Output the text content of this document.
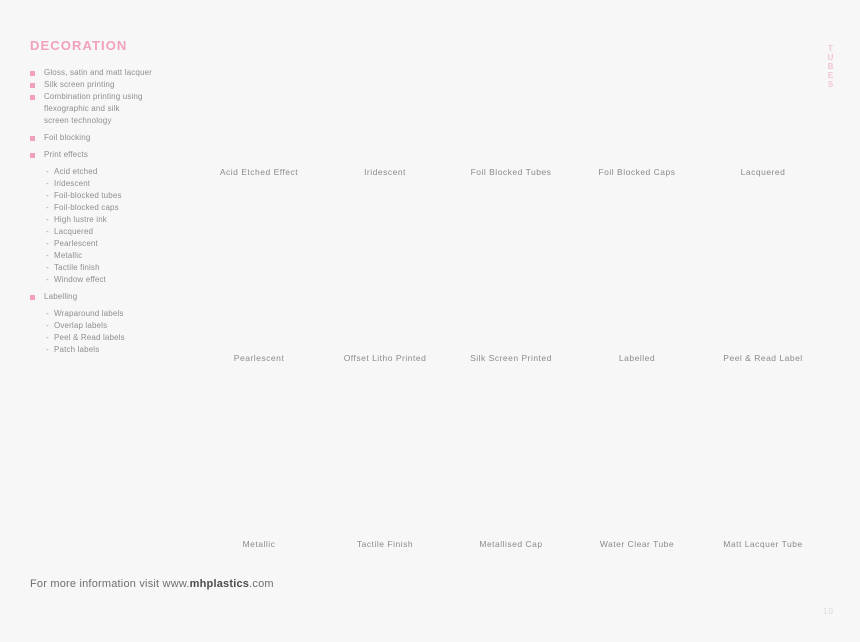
DECORATION
Gloss, satin and matt lacquer
Silk screen printing
Combination printing using
flexographic and silk
screen technology
Foil blocking
Print effects
- Acid etched
- Iridescent
- Foil-blocked tubes
- Foil-blocked caps
- High lustre ink
- Lacquered
- Pearlescent
- Metallic
- Tactile finish
- Window effect
Labelling
- Wraparound labels
- Overlap labels
- Peel & Read labels
- Patch labels
Acid Etched Effect	Iridescent	Foil Blocked Tubes	Foil Blocked Caps	Lacquered
Pearlescent	Offset Litho Printed	Silk Screen Printed	Labelled	Peel & Read Label
Metallic	Tactile Finish	Metallised Cap	Water Clear Tube	Matt Lacquer Tube
For more information visit www.mhplastics.com
T
U
B
E
S
10
